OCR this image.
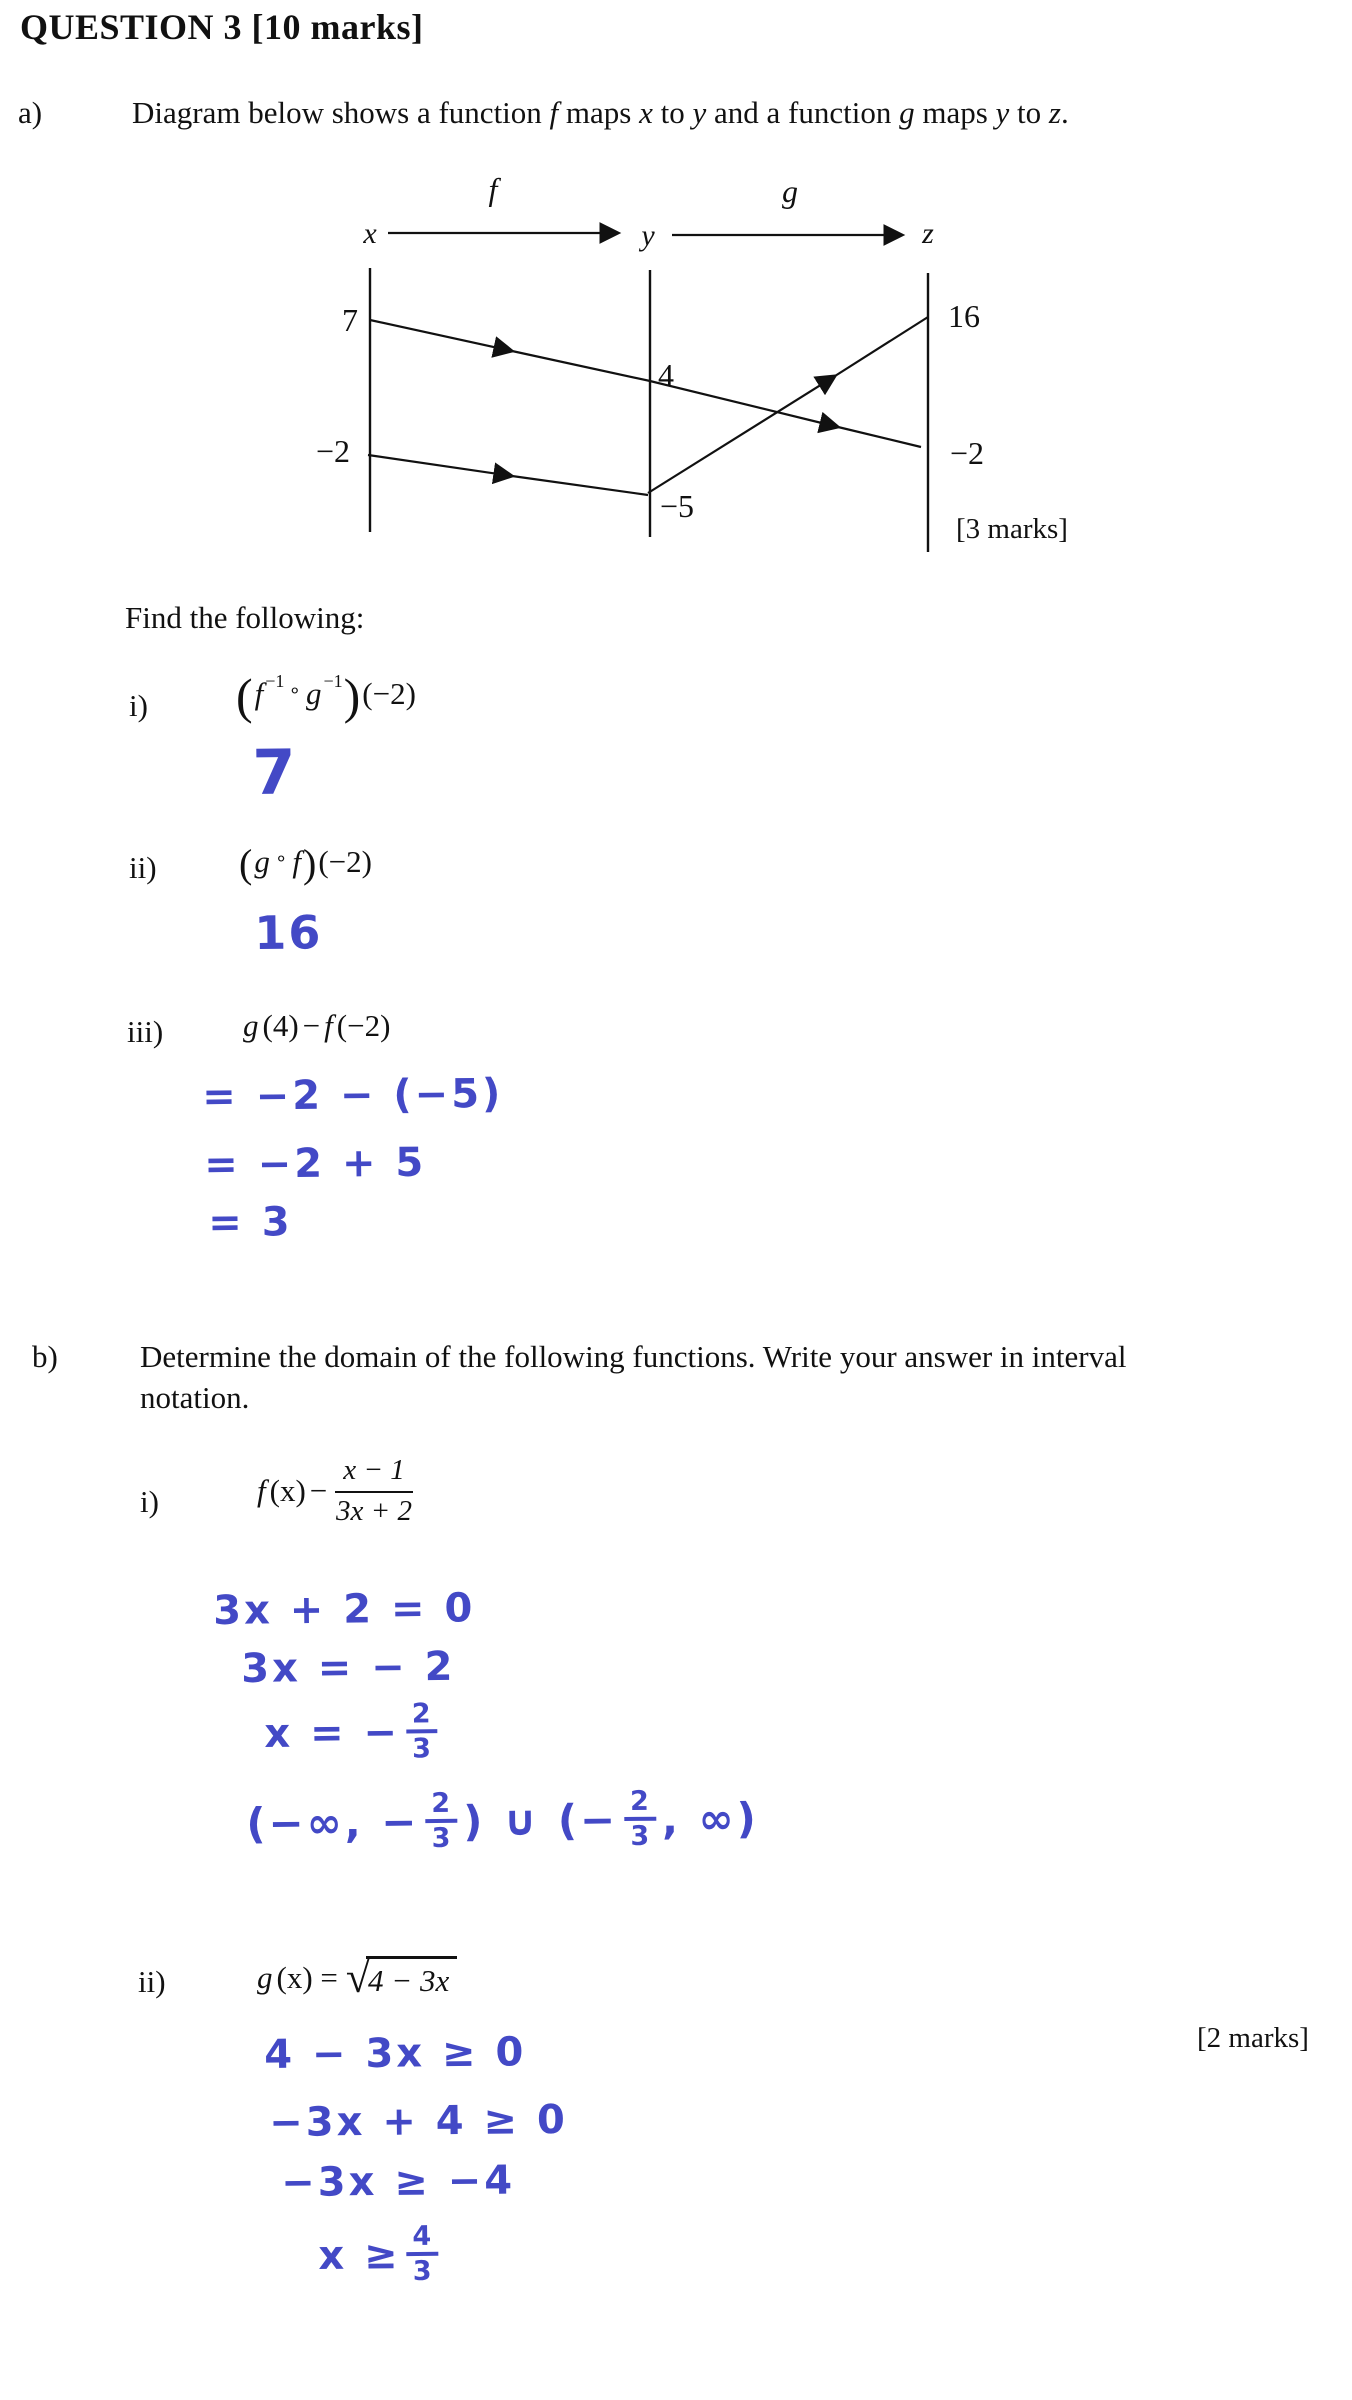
QUESTION 3 [10 marks]
a)	Diagram below shows a function f maps x to y and a function g maps y to z.
x
f
y
g
z
7
−2
4
−5
16
−2
[3 marks]
Find the following:
i) ( f −1 ∘ g −1 ) (−2)
7
ii) ( g ∘ f ) (−2)
16
iii)	g (4) − f (−2)
= −2 − (−5)
= −2 + 5
= 3
b)	Determine the domain of the following functions. Write your answer in interval
notation.
i)	f $(x) - \frac{x - 1}{3x + 2}$
3x + 2 = 0
3x = − 2
x = − $\frac{2}{3}$
(−∞, − $\frac{2}{3}$ ) ∪ (− $\frac{2}{3}$ , ∞)
ii)	g (x) = √
4 − 3x
4 − 3x ≥ 0
−3x + 4 ≥ 0
−3x ≥ −4
$x \ge \frac{4}{3}$
[2 marks]
